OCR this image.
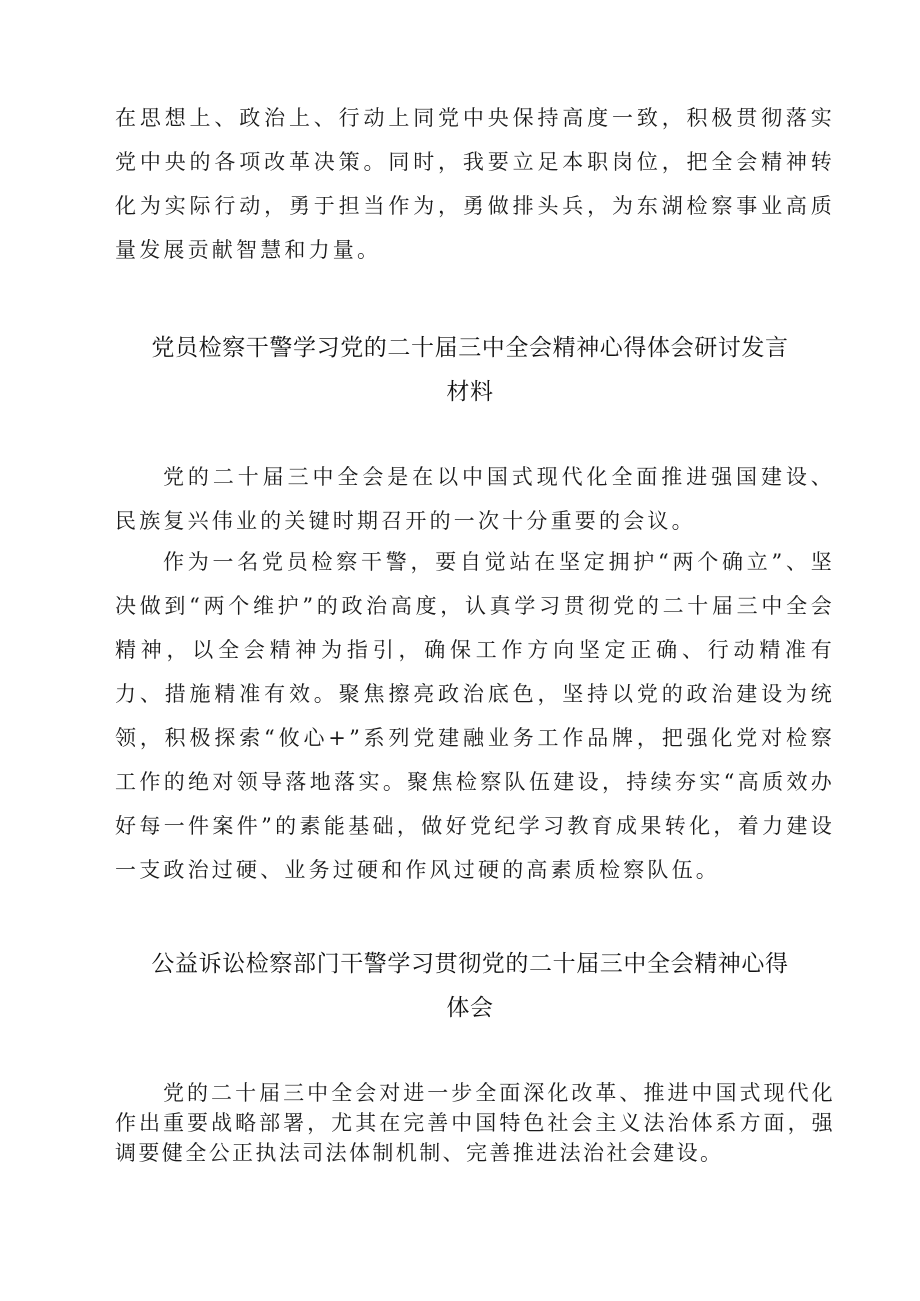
在思想上、政治上、行动上同党中央保持高度一致，积极贯彻落实党中央的各项改革决策。同时，我要立足本职岗位，把全会精神转化为实际行动，勇于担当作为，勇做排头兵，为东湖检察事业高质量发展贡献智慧和力量。

党员检察干警学习党的二十届三中全会精神心得体会研讨发言材料

党的二十届三中全会是在以中国式现代化全面推进强国建设、民族复兴伟业的关键时期召开的一次十分重要的会议。

作为一名党员检察干警，要自觉站在坚定拥护“两个确立”、坚决做到“两个维护”的政治高度，认真学习贯彻党的二十届三中全会精神，以全会精神为指引，确保工作方向坚定正确、行动精准有力、措施精准有效。聚焦擦亮政治底色，坚持以党的政治建设为统领，积极探索“攸心+”系列党建融业务工作品牌，把强化党对检察工作的绝对领导落地落实。聚焦检察队伍建设，持续夯实“高质效办好每一件案件”的素能基础，做好党纪学习教育成果转化，着力建设一支政治过硬、业务过硬和作风过硬的高素质检察队伍。

公益诉讼检察部门干警学习贯彻党的二十届三中全会精神心得体会

党的二十届三中全会对进一步全面深化改革、推进中国式现代化作出重要战略部署，尤其在完善中国特色社会主义法治体系方面，强调要健全公正执法司法体制机制、完善推进法治社会建设。
